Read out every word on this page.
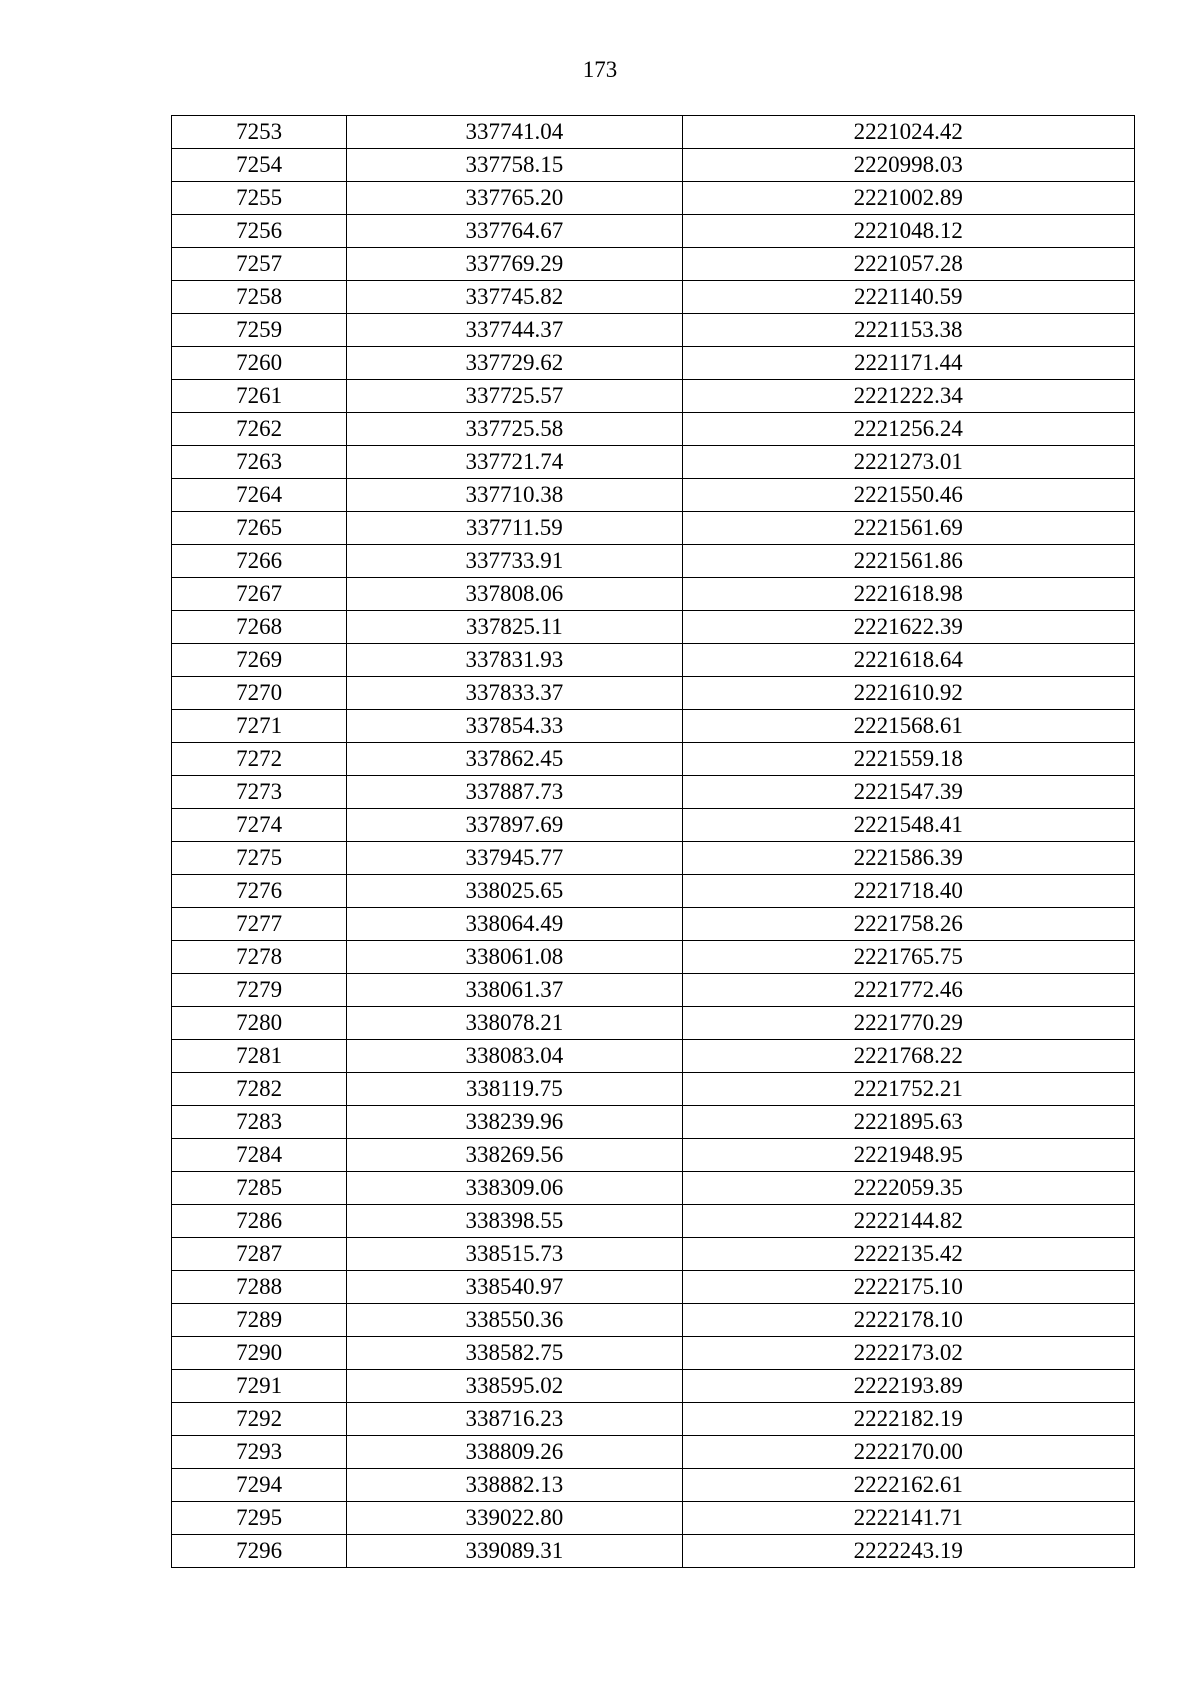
173
7253	337741.04	2221024.42
7254	337758.15	2220998.03
7255	337765.20	2221002.89
7256	337764.67	2221048.12
7257	337769.29	2221057.28
7258	337745.82	2221140.59
7259	337744.37	2221153.38
7260	337729.62	2221171.44
7261	337725.57	2221222.34
7262	337725.58	2221256.24
7263	337721.74	2221273.01
7264	337710.38	2221550.46
7265	337711.59	2221561.69
7266	337733.91	2221561.86
7267	337808.06	2221618.98
7268	337825.11	2221622.39
7269	337831.93	2221618.64
7270	337833.37	2221610.92
7271	337854.33	2221568.61
7272	337862.45	2221559.18
7273	337887.73	2221547.39
7274	337897.69	2221548.41
7275	337945.77	2221586.39
7276	338025.65	2221718.40
7277	338064.49	2221758.26
7278	338061.08	2221765.75
7279	338061.37	2221772.46
7280	338078.21	2221770.29
7281	338083.04	2221768.22
7282	338119.75	2221752.21
7283	338239.96	2221895.63
7284	338269.56	2221948.95
7285	338309.06	2222059.35
7286	338398.55	2222144.82
7287	338515.73	2222135.42
7288	338540.97	2222175.10
7289	338550.36	2222178.10
7290	338582.75	2222173.02
7291	338595.02	2222193.89
7292	338716.23	2222182.19
7293	338809.26	2222170.00
7294	338882.13	2222162.61
7295	339022.80	2222141.71
7296	339089.31	2222243.19
